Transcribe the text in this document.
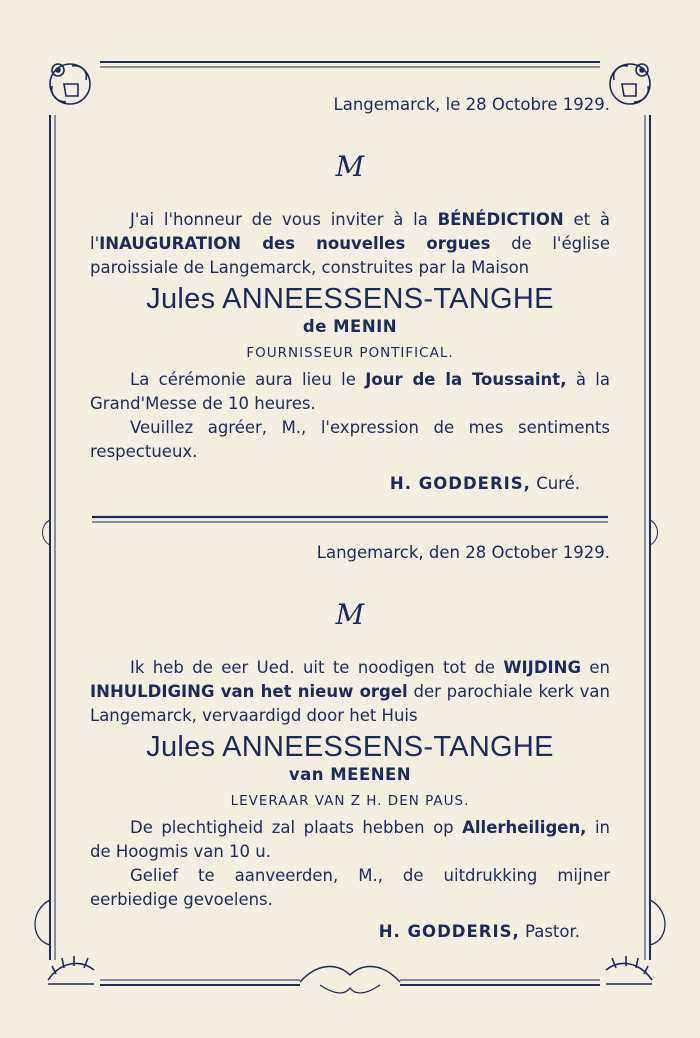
Langemarck, le 28 Octobre 1929.
M

J'ai l'honneur de vous inviter à la BÉNÉDICTION et à l'INAUGURATION des nouvelles orgues de l'église paroissiale de Langemarck, construites par la Maison

Jules ANNEESSENS-TANGHE
de MENIN
FOURNISSEUR PONTIFICAL.

La cérémonie aura lieu le Jour de la Toussaint, à la Grand'Messe de 10 heures.

Veuillez agréer, M., l'expression de mes sentiments respectueux.

H. GODDERIS, Curé.
Langemarck, den 28 October 1929.
M

Ik heb de eer Ued. uit te noodigen tot de WIJDING en INHULDIGING van het nieuw orgel der parochiale kerk van Langemarck, vervaardigd door het Huis

Jules ANNEESSENS-TANGHE
van MEENEN
LEVERAAR VAN Z H. DEN PAUS.

De plechtigheid zal plaats hebben op Allerheiligen, in de Hoogmis van 10 u.

Gelief te aanveerden, M., de uitdrukking mijner eerbiedige gevoelens.

H. GODDERIS, Pastor.
